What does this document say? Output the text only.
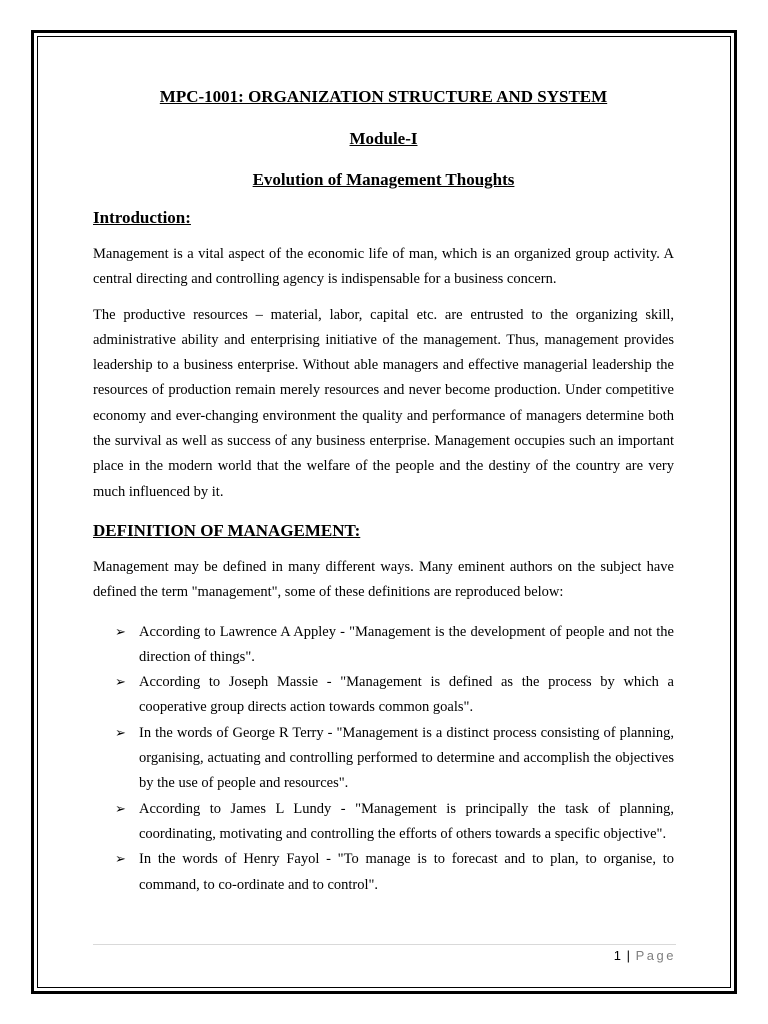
MPC-1001: ORGANIZATION STRUCTURE AND SYSTEM
Module-I
Evolution of Management Thoughts
Introduction:

Management is a vital aspect of the economic life of man, which is an organized group activity. A central directing and controlling agency is indispensable for a business concern.

The productive resources – material, labor, capital etc. are entrusted to the organizing skill, administrative ability and enterprising initiative of the management. Thus, management provides leadership to a business enterprise. Without able managers and effective managerial leadership the resources of production remain merely resources and never become production. Under competitive economy and ever-changing environment the quality and performance of managers determine both the survival as well as success of any business enterprise. Management occupies such an important place in the modern world that the welfare of the people and the destiny of the country are very much influenced by it.

DEFINITION OF MANAGEMENT:

Management may be defined in many different ways. Many eminent authors on the subject have defined the term "management", some of these definitions are reproduced below:

➢ According to Lawrence A Appley - "Management is the development of people and not the direction of things".
➢ According to Joseph Massie - "Management is defined as the process by which a cooperative group directs action towards common goals".
➢ In the words of George R Terry - "Management is a distinct process consisting of planning, organising, actuating and controlling performed to determine and accomplish the objectives by the use of people and resources".
➢ According to James L Lundy - "Management is principally the task of planning, coordinating, motivating and controlling the efforts of others towards a specific objective".
➢ In the words of Henry Fayol - "To manage is to forecast and to plan, to organise, to command, to co-ordinate and to control".
1 | Page
